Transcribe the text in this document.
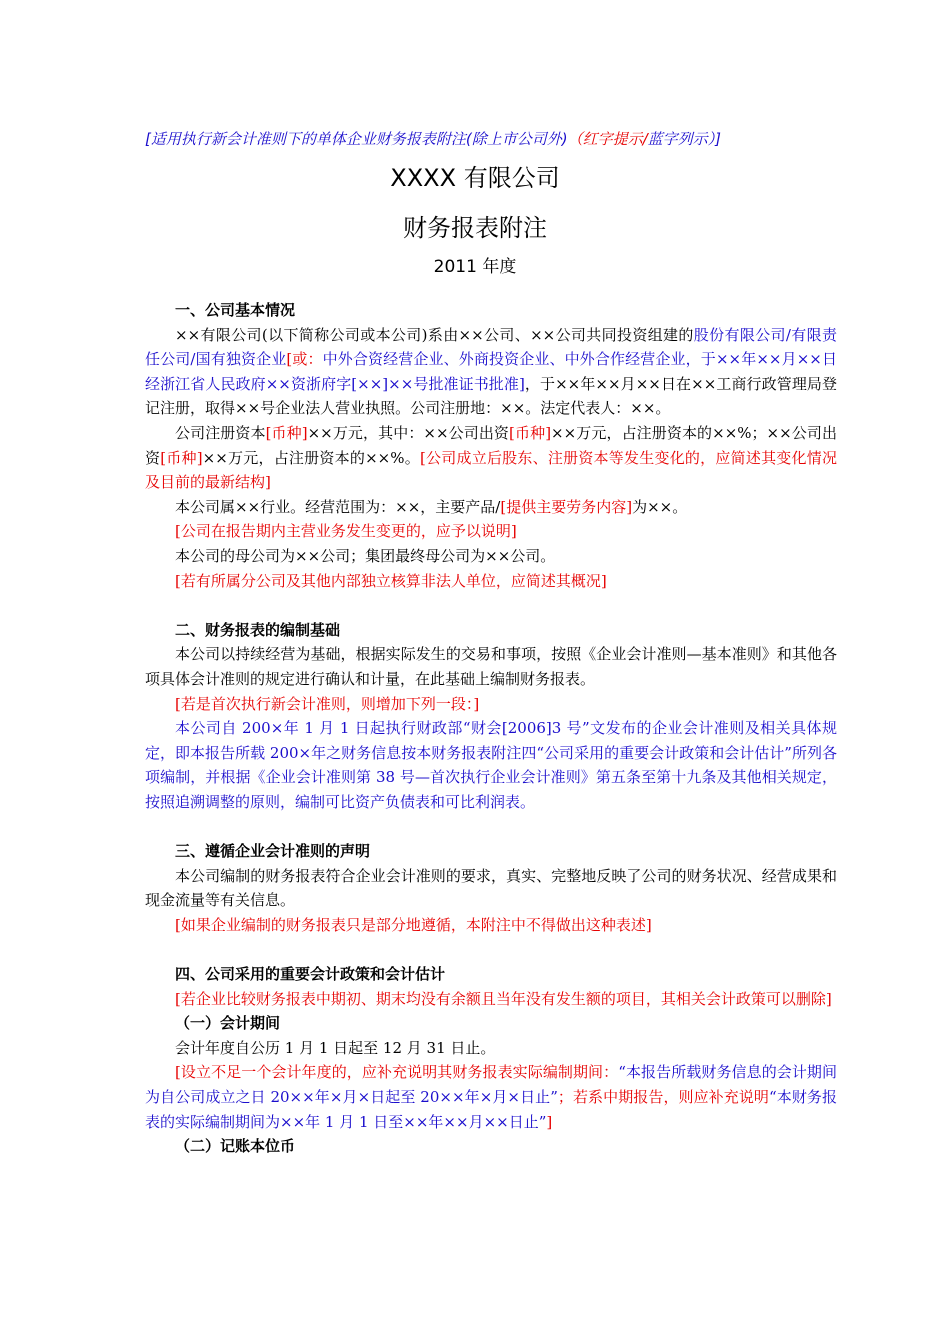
[适用执行新会计准则下的单体企业财务报表附注(除上市公司外)（红字提示/蓝字列示）]
XXXX 有限公司
财务报表附注
2011 年度

一、公司基本情况

××有限公司(以下简称公司或本公司)系由××公司、××公司共同投资组建的股份有限公司/有限责任公司/国有独资企业[或：中外合资经营企业、外商投资企业、中外合作经营企业，于××年××月××日经浙江省人民政府××资浙府字[××]××号批准证书批准]，于××年××月××日在××工商行政管理局登记注册，取得××号企业法人营业执照。公司注册地：××。法定代表人：××。

公司注册资本[币种]××万元，其中：××公司出资[币种]××万元，占注册资本的××%；××公司出资[币种]××万元，占注册资本的××%。[公司成立后股东、注册资本等发生变化的，应简述其变化情况及目前的最新结构]

本公司属××行业。经营范围为：××，主要产品/[提供主要劳务内容]为××。

[公司在报告期内主营业务发生变更的，应予以说明]

本公司的母公司为××公司；集团最终母公司为××公司。

[若有所属分公司及其他内部独立核算非法人单位，应简述其概况]

二、财务报表的编制基础

本公司以持续经营为基础，根据实际发生的交易和事项，按照《企业会计准则—基本准则》和其他各项具体会计准则的规定进行确认和计量，在此基础上编制财务报表。

[若是首次执行新会计准则，则增加下列一段：]

本公司自 200×年 1 月 1 日起执行财政部“财会[2006]3 号”文发布的企业会计准则及相关具体规定，即本报告所载 200×年之财务信息按本财务报表附注四“公司采用的重要会计政策和会计估计”所列各项编制，并根据《企业会计准则第 38 号—首次执行企业会计准则》第五条至第十九条及其他相关规定，按照追溯调整的原则，编制可比资产负债表和可比利润表。

三、遵循企业会计准则的声明

本公司编制的财务报表符合企业会计准则的要求，真实、完整地反映了公司的财务状况、经营成果和现金流量等有关信息。

[如果企业编制的财务报表只是部分地遵循，本附注中不得做出这种表述]

四、公司采用的重要会计政策和会计估计

[若企业比较财务报表中期初、期末均没有余额且当年没有发生额的项目，其相关会计政策可以删除]

（一）会计期间

会计年度自公历 1 月 1 日起至 12 月 31 日止。

[设立不足一个会计年度的，应补充说明其财务报表实际编制期间：“本报告所载财务信息的会计期间为自公司成立之日 20××年×月×日起至 20××年×月×日止”；若系中期报告，则应补充说明“本财务报表的实际编制期间为××年 1 月 1 日至××年××月××日止”]

（二）记账本位币
